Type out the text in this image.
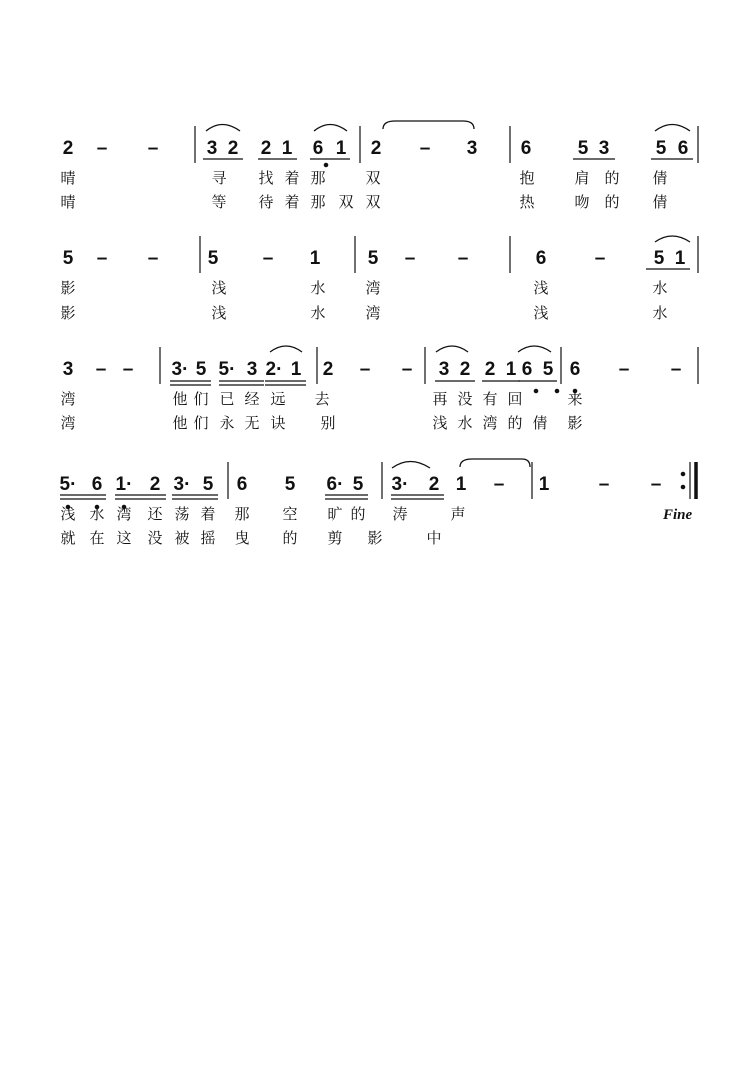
2 – –	3 2 2 1 6 1 2 – 3 6 5 3 5 6
5 – –	5 – 1 5 – –	6	–	5 1
3 – – 3· 5 5· 3 2· 1 2 – – 3 2 2 1 6 5 6 – –
5· 6 1· 2 3· 5 6 5 6· 5 3· 2 1 – 1	– –
晴	寻 找 着 那	双	抱	肩 的 倩
晴	等 待 着 那 双 双	热	吻 的 倩
影	浅	水	湾	浅	水
影	浅	水	湾	浅	水
湾	他 们 已 经 远 去	再 没 有 回	来
湾	他 们 永 无 诀 别	浅 水 湾 的 倩 影
浅 水 湾 还 荡 着 那 空 旷 的 涛	声
就 在 这 没 被 摇 曳 的 剪 影	中
Fine
